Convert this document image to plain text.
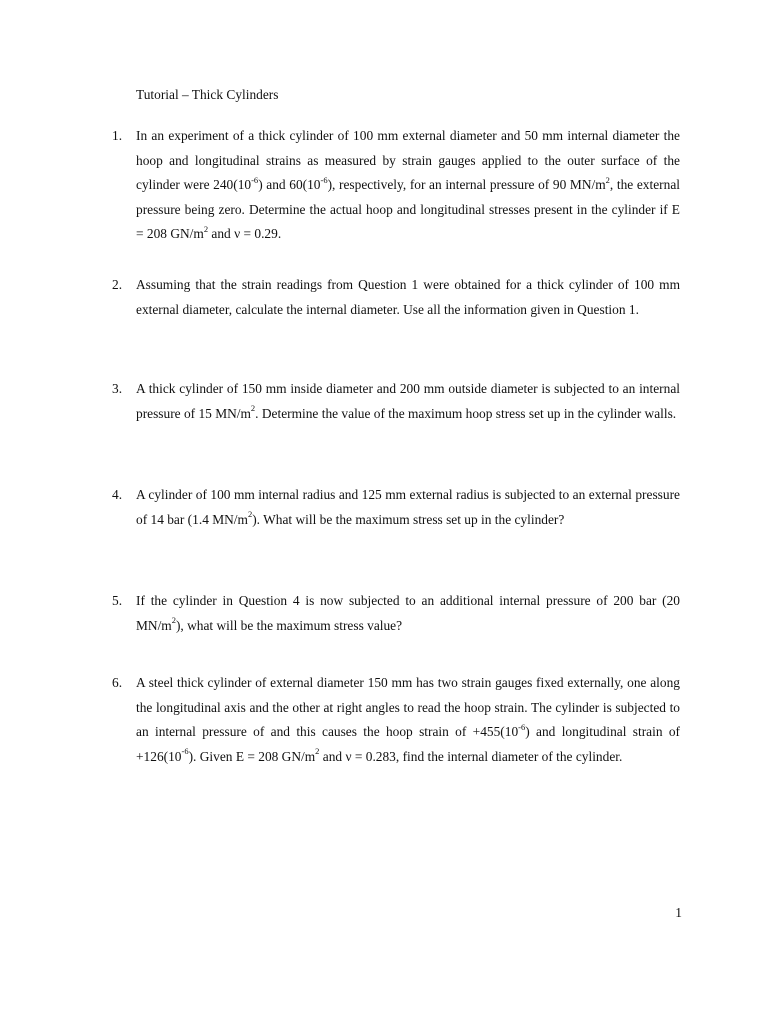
Tutorial – Thick Cylinders
1.	In an experiment of a thick cylinder of 100 mm external diameter and 50 mm internal diameter the hoop and longitudinal strains as measured by strain gauges applied to the outer surface of the cylinder were $240(10^{-6})$ and $60(10^{-6})$, respectively, for an internal pressure of 90 $MN/m^2$, the external pressure being zero. Determine the actual hoop and longitudinal stresses present in the cylinder if E = 208 $GN/m^2$ and ν = 0.29.
2.	Assuming that the strain readings from Question 1 were obtained for a thick cylinder of 100 mm external diameter, calculate the internal diameter. Use all the information given in Question 1.
3.	A thick cylinder of 150 mm inside diameter and 200 mm outside diameter is subjected to an internal pressure of 15 $MN/m^2$. Determine the value of the maximum hoop stress set up in the cylinder walls.
4.	A cylinder of 100 mm internal radius and 125 mm external radius is subjected to an external pressure of 14 bar (1.4 $MN/m^2$). What will be the maximum stress set up in the cylinder?
5.	If the cylinder in Question 4 is now subjected to an additional internal pressure of 200 bar (20 $MN/m^2$), what will be the maximum stress value?
6.	A steel thick cylinder of external diameter 150 mm has two strain gauges fixed externally, one along the longitudinal axis and the other at right angles to read the hoop strain. The cylinder is subjected to an internal pressure of and this causes the hoop strain of $+455(10^{-6})$ and longitudinal strain of $+126(10^{-6})$. Given E = 208 $GN/m^2$ and ν = 0.283, find the internal diameter of the cylinder.
1
